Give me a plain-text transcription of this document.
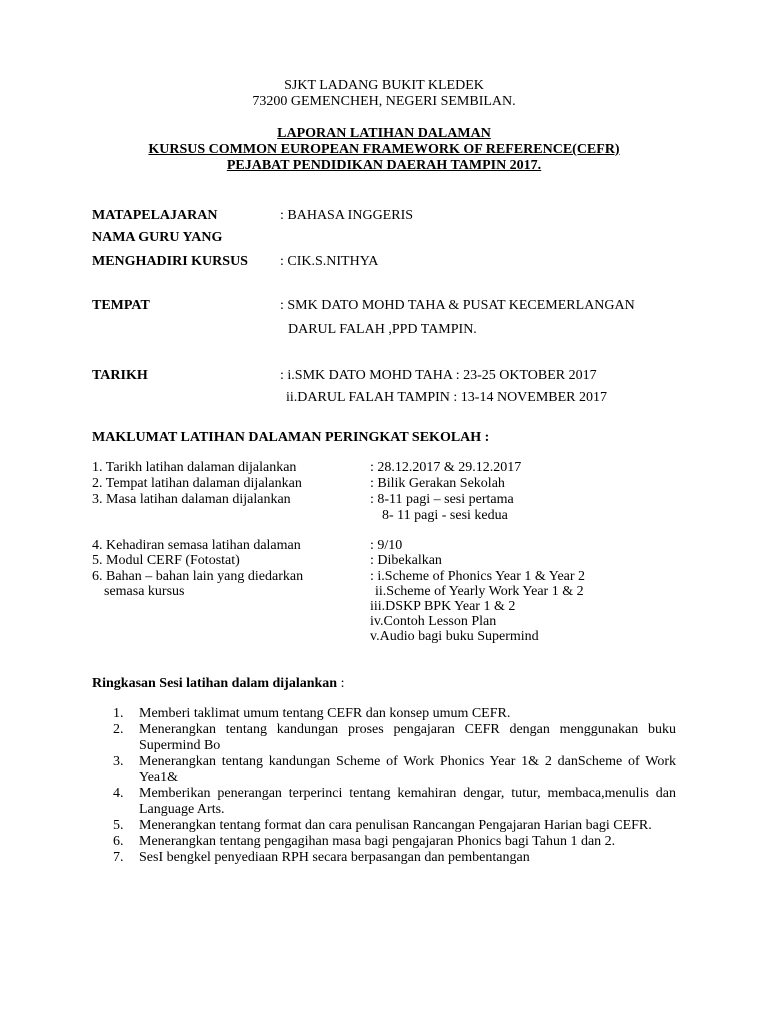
SJKT LADANG BUKIT KLEDEK
73200 GEMENCHEH, NEGERI SEMBILAN.
LAPORAN LATIHAN DALAMAN
KURSUS COMMON EUROPEAN FRAMEWORK OF REFERENCE(CEFR)
PEJABAT PENDIDIKAN DAERAH TAMPIN 2017.
MATAPELAJARAN	: BAHASA INGGERIS
NAMA GURU YANG
MENGHADIRI KURSUS : CIK.S.NITHYA
TEMPAT	: SMK DATO MOHD TAHA & PUSAT KECEMERLANGAN
DARUL FALAH ,PPD TAMPIN.
TARIKH	: i.SMK DATO MOHD TAHA : 23-25 OKTOBER 2017
ii.DARUL FALAH TAMPIN : 13-14 NOVEMBER 2017
MAKLUMAT LATIHAN DALAMAN PERINGKAT SEKOLAH :
1. Tarikh latihan dalaman dijalankan	: 28.12.2017 & 29.12.2017
2. Tempat latihan dalaman dijalankan	: Bilik Gerakan Sekolah
3. Masa latihan dalaman dijalankan	: 8-11 pagi – sesi pertama
8- 11 pagi - sesi kedua
4. Kehadiran semasa latihan dalaman	: 9/10
5. Modul CERF (Fotostat)	: Dibekalkan
6. Bahan – bahan lain yang diedarkan
semasa kursus
: i.Scheme of Phonics Year 1 & Year 2
ii.Scheme of Yearly Work Year 1 & 2
iii.DSKP BPK Year 1 & 2
iv.Contoh Lesson Plan
v.Audio bagi buku Supermind
Ringkasan Sesi latihan dalam dijalankan :
1.	Memberi taklimat umum tentang CEFR dan konsep umum CEFR.
2.	Menerangkan tentang kandungan proses pengajaran CEFR dengan menggunakan buku Supermind Bo
3.	Menerangkan tentang kandungan Scheme of Work Phonics Year 1& 2 danScheme of Work Yea1&
4.	Memberikan penerangan terperinci tentang kemahiran dengar, tutur, membaca,menulis dan Language Arts.
5.	Menerangkan tentang format dan cara penulisan Rancangan Pengajaran Harian bagi CEFR.
6.	Menerangkan tentang pengagihan masa bagi pengajaran Phonics bagi Tahun 1 dan 2.
7.	SesI bengkel penyediaan RPH secara berpasangan dan pembentangan
